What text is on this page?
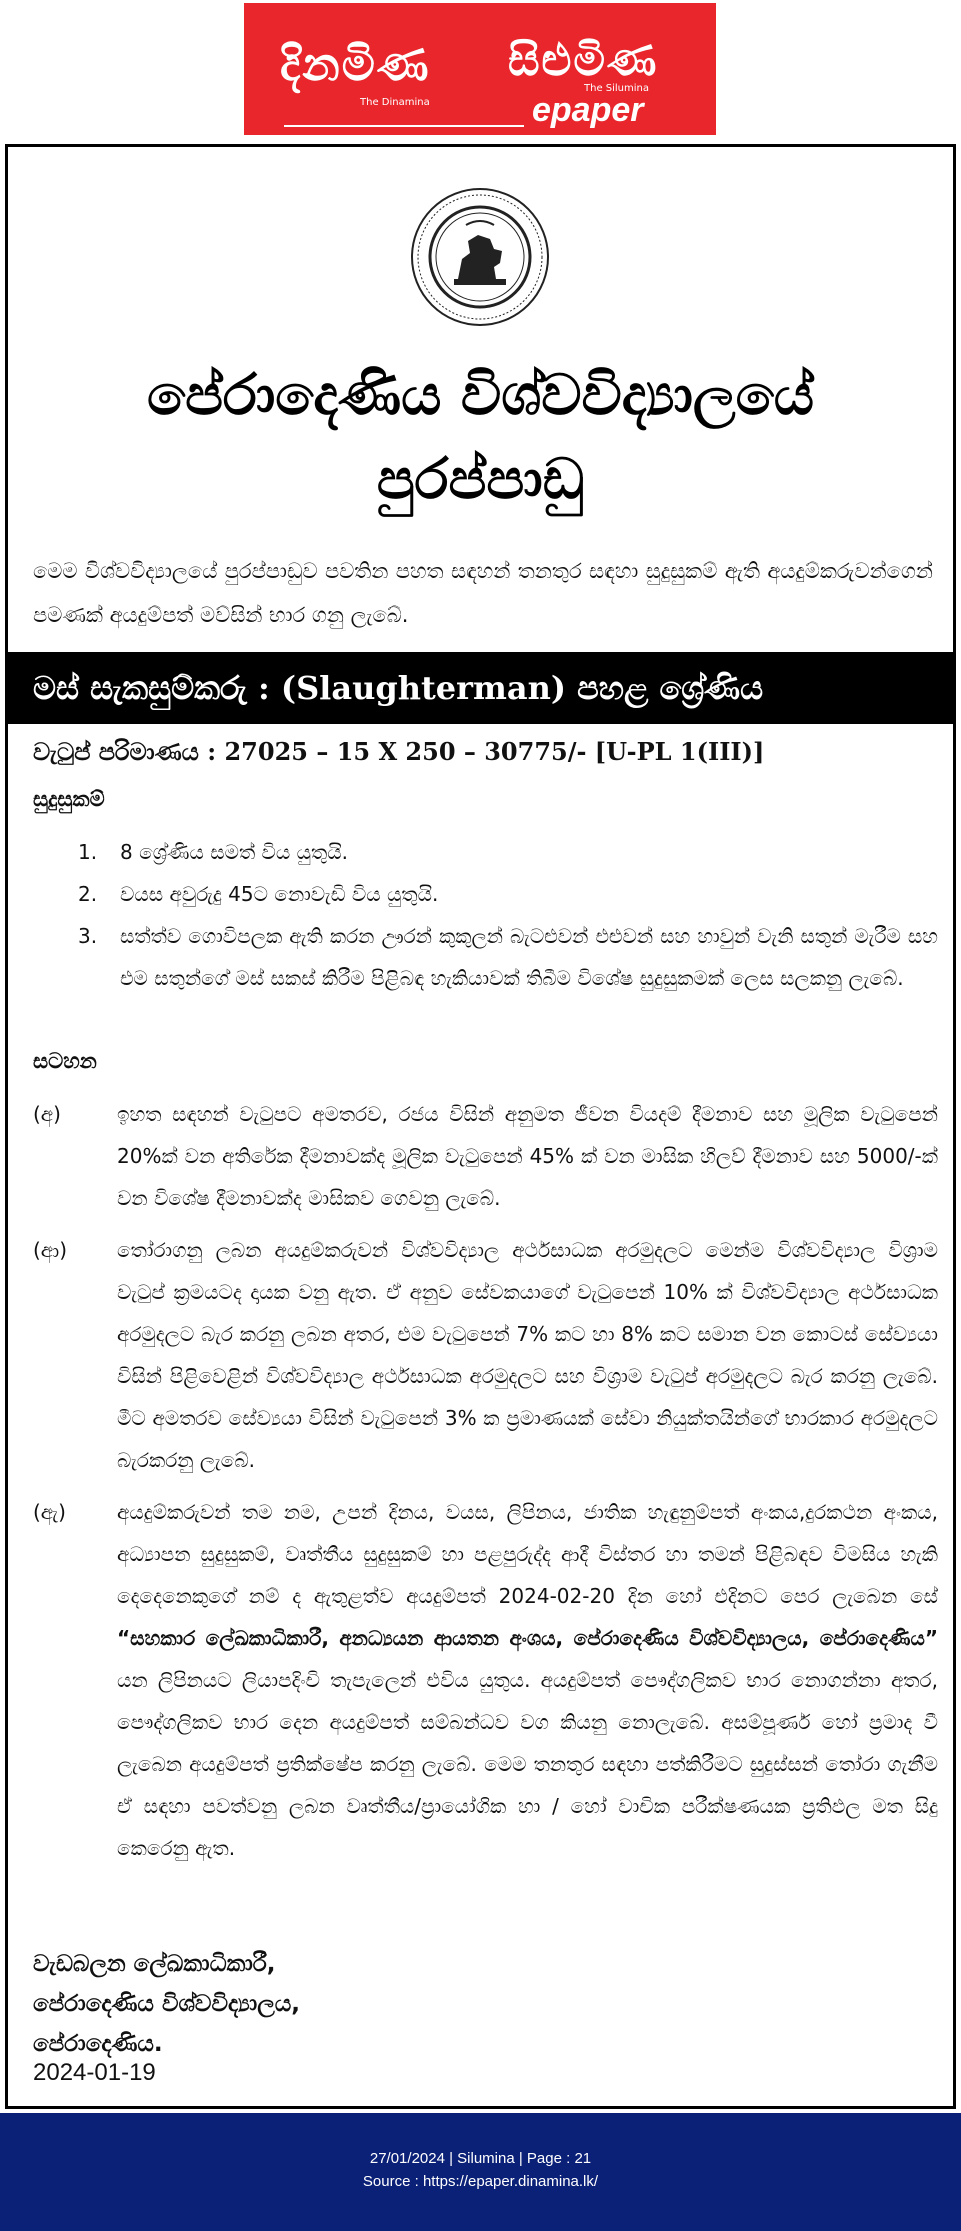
දිනමිණ
The Dinamina
සිළුමිණ
The Silumina
epaper
පේරාදෙණිය විශ්වවිද්‍යාලයේ
පුරප්පාඩු

මෙම විශ්වවිද්‍යාලයේ පුරප්පාඩුව පවතින පහත සඳහන් තනතුර සඳහා සුදුසුකම් ඇති අයදුම්කරුවන්ගෙන් පමණක් අයදුම්පත් මව්සින් භාර ගනු ලැබේ.

මස් සැකසුම්කරු : (Slaughterman) පහළ ශ්‍රේණිය
වැටුප් පරිමාණය : 27025 – 15 X 250 – 30775/- [U-PL 1(III)]
සුදුසුකම්
1. 8 ශ්‍රේණිය සමත් විය යුතුයි.
2. වයස අවුරුදු 45ට නොවැඩි විය යුතුයි.
3. සත්ත්ව ගොවිපලක ඇති කරන ඌරන් කුකුලන් බැටළුවන් එළුවන් සහ හාවුන් වැනි සතුන් මැරීම සහ එම සතුන්ගේ මස් සකස් කිරීම පිළිබඳ හැකියාවක් තිබීම විශේෂ සුදුසුකමක් ලෙස සලකනු ලැබේ.
සටහන
(අ)	ඉහත සඳහන් වැටුපට අමතරව, රජය විසින් අනුමත ජීවන වියදම් දීමනාව සහ මූලික වැටුපෙන් 20%ක් වන අතිරේක දීමනාවක්ද මූලික වැටුපෙන් 45% ක් වන මාසික හිලව් දීමනාව සහ 5000/-ක් වන විශේෂ දීමනාවක්ද මාසිකව ගෙවනු ලැබේ.
(ආ) තෝරාගනු ලබන අයදුම්කරුවන් විශ්වවිද්‍යාල අර්ථසාධක අරමුදලට මෙන්ම විශ්වවිද්‍යාල විශ්‍රාම වැටුප් ක්‍රමයටද දායක වනු ඇත. ඒ අනුව සේවකයාගේ වැටුපෙන් 10% ක් විශ්වවිද්‍යාල අර්ථසාධක අරමුදලට බැර කරනු ලබන අතර, එම වැටුපෙන් 7% කට හා 8% කට සමාන වන කොටස් සේව්‍යයා විසින් පිළිවෙළින් විශ්වවිද්‍යාල අර්ථසාධක අරමුදලට සහ විශ්‍රාම වැටුප් අරමුදලට බැර කරනු ලැබේ. මීට අමතරව සේව්‍යයා විසින් වැටුපෙන් 3% ක ප්‍රමාණයක් සේවා නියුක්තයින්ගේ භාරකාර අරමුදලට බැරකරනු ලැබේ.
(ඇ)	අයදුම්කරුවන් තම නම, උපන් දිනය, වයස, ලිපිනය, ජාතික හැඳුනුම්පත් අංකය,දුරකථන අංකය, අධ්‍යාපන සුදුසුකම්, වෘත්තීය සුදුසුකම් හා පළපුරුද්ද ආදී විස්තර හා තමන් පිළිබඳව විමසිය හැකි දෙදෙනෙකුගේ නම් ද ඇතුළත්ව අයදුම්පත් 2024-02-20 දින හෝ එදිනට පෙර ලැබෙන සේ “සහකාර ලේඛකාධිකාරී, අනධ්‍යයන ආයතන අංශය, පේරාදෙණිය විශ්වවිද්‍යාලය, පේරාදෙණිය” යන ලිපිනයට ලියාපදිංචි තැපැලෙන් එවිය යුතුය. අයදුම්පත් පෞද්ගලිකව භාර නොගන්නා අතර, පෞද්ගලිකව භාර දෙන අයදුම්පත් සම්බන්ධව වග කියනු නොලැබේ. අසම්පූර්ණ හෝ ප්‍රමාද වී ලැබෙන අයදුම්පත් ප්‍රතික්ෂේප කරනු ලැබේ. මෙම තනතුර සඳහා පත්කිරීමට සුදුස්සන් තෝරා ගැනීම ඒ සඳහා පවත්වනු ලබන වෘත්තීය/ප්‍රායෝගික හා / හෝ වාචික පරීක්ෂණයක ප්‍රතිඵල මත සිදු කෙරෙනු ඇත.
වැඩබලන ලේඛකාධිකාරී,
පේරාදෙණිය විශ්වවිද්‍යාලය,
පේරාදෙණිය.
2024-01-19
27/01/2024 | Silumina | Page : 21
Source : https://epaper.dinamina.lk/
